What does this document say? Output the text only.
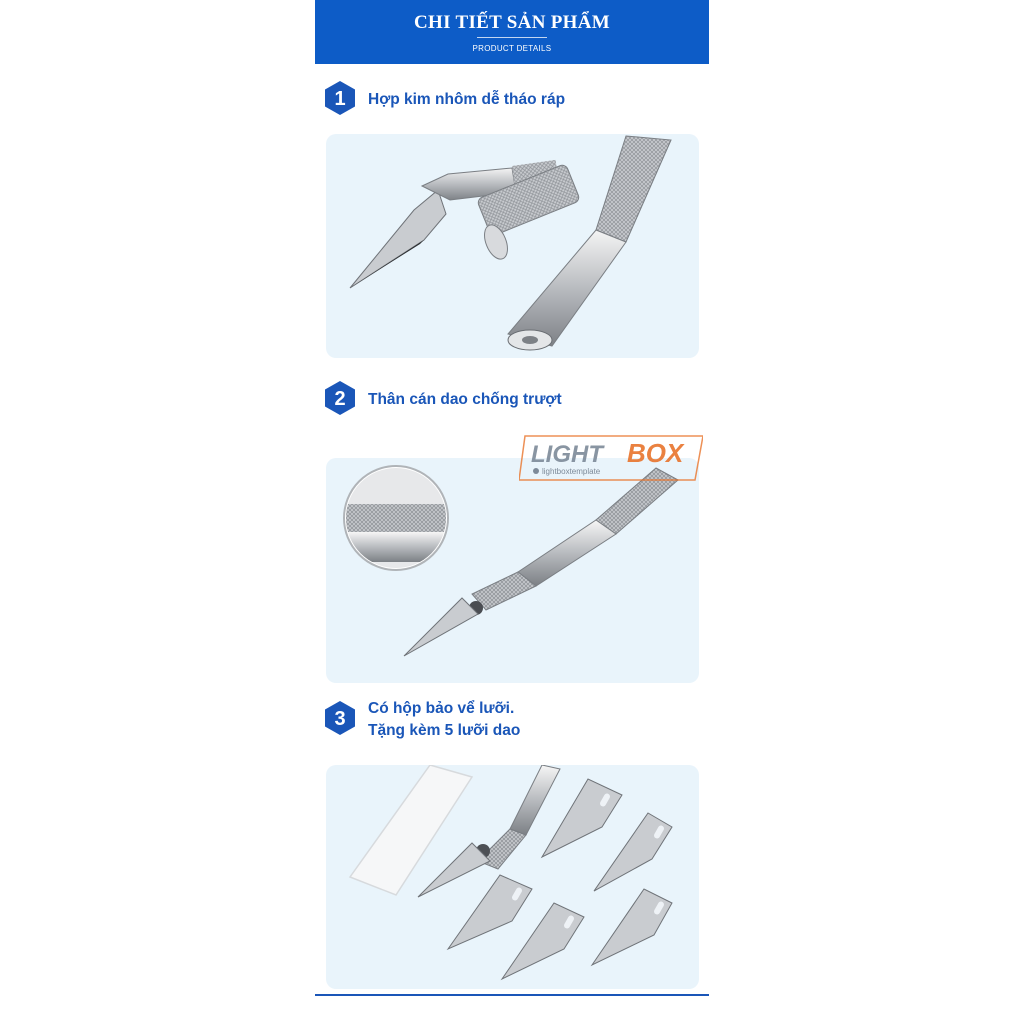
CHI TIẾT SẢN PHẨM
PRODUCT DETAILS
1 Hợp kim nhôm dễ tháo ráp
2 Thân cán dao chống trượt
LIGHT BOX
lightboxtemplate
3 Có hộp bảo vể lưỡi.
Tặng kèm 5 lưỡi dao
